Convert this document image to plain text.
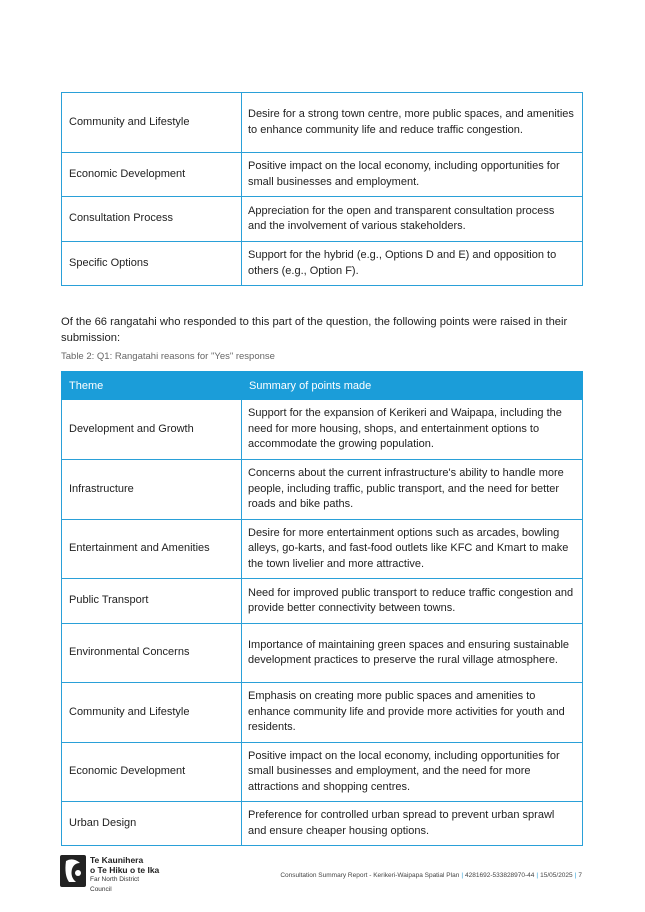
Community and Lifestyle	Desire for a strong town centre, more public spaces, and amenities to enhance community life and reduce traffic congestion.
Economic Development	Positive impact on the local economy, including opportunities for small businesses and employment.
Consultation Process	Appreciation for the open and transparent consultation process and the involvement of various stakeholders.
Specific Options	Support for the hybrid (e.g., Options D and E) and opposition to others (e.g., Option F).

Of the 66 rangatahi who responded to this part of the question, the following points were raised in their submission:

Table 2: Q1: Rangatahi reasons for "Yes" response
Theme	Summary of points made
Development and Growth	Support for the expansion of Kerikeri and Waipapa, including the need for more housing, shops, and entertainment options to accommodate the growing population.
Infrastructure	Concerns about the current infrastructure's ability to handle more people, including traffic, public transport, and the need for better roads and bike paths.
Entertainment and Amenities	Desire for more entertainment options such as arcades, bowling alleys, go-karts, and fast-food outlets like KFC and Kmart to make the town livelier and more attractive.
Public Transport	Need for improved public transport to reduce traffic congestion and provide better connectivity between towns.
Environmental Concerns	Importance of maintaining green spaces and ensuring sustainable development practices to preserve the rural village atmosphere.
Community and Lifestyle	Emphasis on creating more public spaces and amenities to enhance community life and provide more activities for youth and residents.
Economic Development	Positive impact on the local economy, including opportunities for small businesses and employment, and the need for more attractions and shopping centres.
Urban Design	Preference for controlled urban spread to prevent urban sprawl and ensure cheaper housing options.
Te Kaunihera
o Te Hiku o te Ika
Far North District Council
Consultation Summary Report - Kerikeri-Waipapa Spatial Plan | 4281692-533828970-44 | 15/05/2025 | 7
